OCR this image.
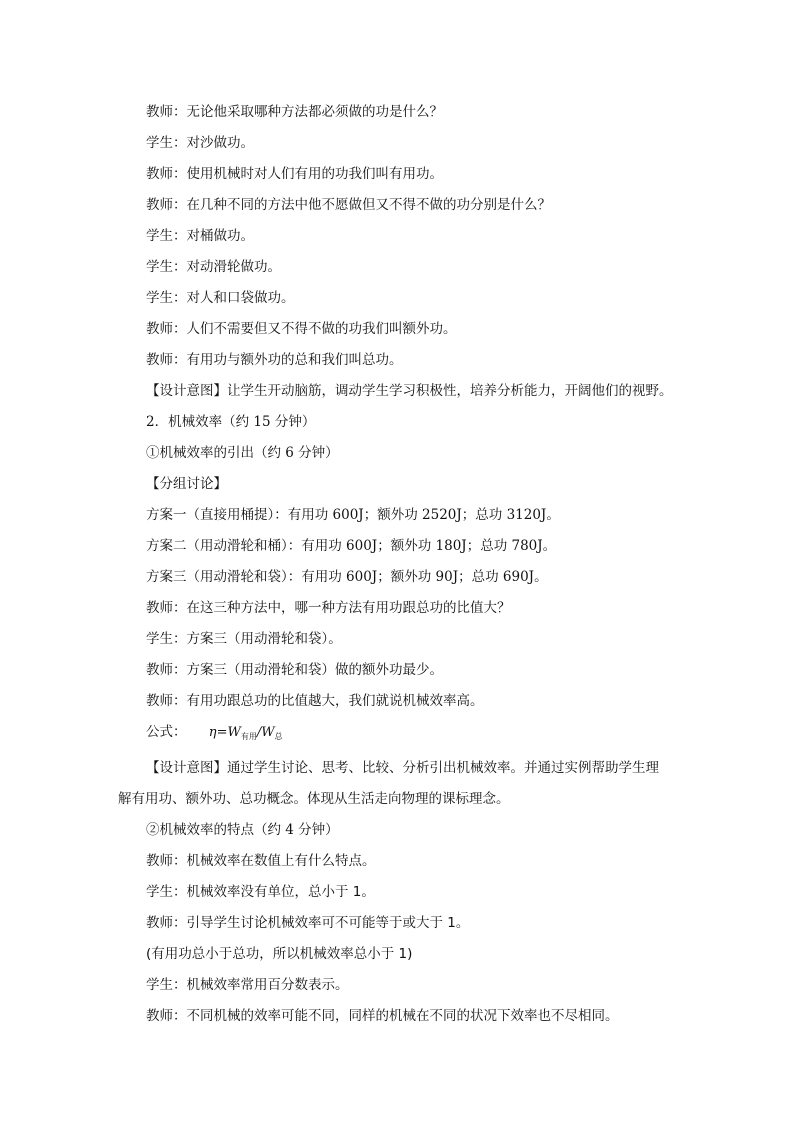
教师：无论他采取哪种方法都必须做的功是什么？
学生：对沙做功。
教师：使用机械时对人们有用的功我们叫有用功。
教师：在几种不同的方法中他不愿做但又不得不做的功分别是什么？
学生：对桶做功。
学生：对动滑轮做功。
学生：对人和口袋做功。
教师：人们不需要但又不得不做的功我们叫额外功。
教师：有用功与额外功的总和我们叫总功。
【设计意图】让学生开动脑筋，调动学生学习积极性，培养分析能力，开阔他们的视野。
2．机械效率（约 15 分钟）
①机械效率的引出（约 6 分钟）
【分组讨论】
方案一（直接用桶提）：有用功 600J；额外功 2520J；总功 3120J。
方案二（用动滑轮和桶）：有用功 600J；额外功 180J；总功 780J。
方案三（用动滑轮和袋）：有用功 600J；额外功 90J；总功 690J。
教师：在这三种方法中，哪一种方法有用功跟总功的比值大？
学生：方案三（用动滑轮和袋）。
教师：方案三（用动滑轮和袋）做的额外功最少。
教师：有用功跟总功的比值越大，我们就说机械效率高。
公式： $\eta=W_{有用}/W_总$
【设计意图】通过学生讨论、思考、比较、分析引出机械效率。并通过实例帮助学生理
解有用功、额外功、总功概念。体现从生活走向物理的课标理念。
②机械效率的特点（约 4 分钟）
教师：机械效率在数值上有什么特点。
学生：机械效率没有单位，总小于 1。
教师：引导学生讨论机械效率可不可能等于或大于 1。
(有用功总小于总功，所以机械效率总小于 1)
学生：机械效率常用百分数表示。
教师：不同机械的效率可能不同，同样的机械在不同的状况下效率也不尽相同。
